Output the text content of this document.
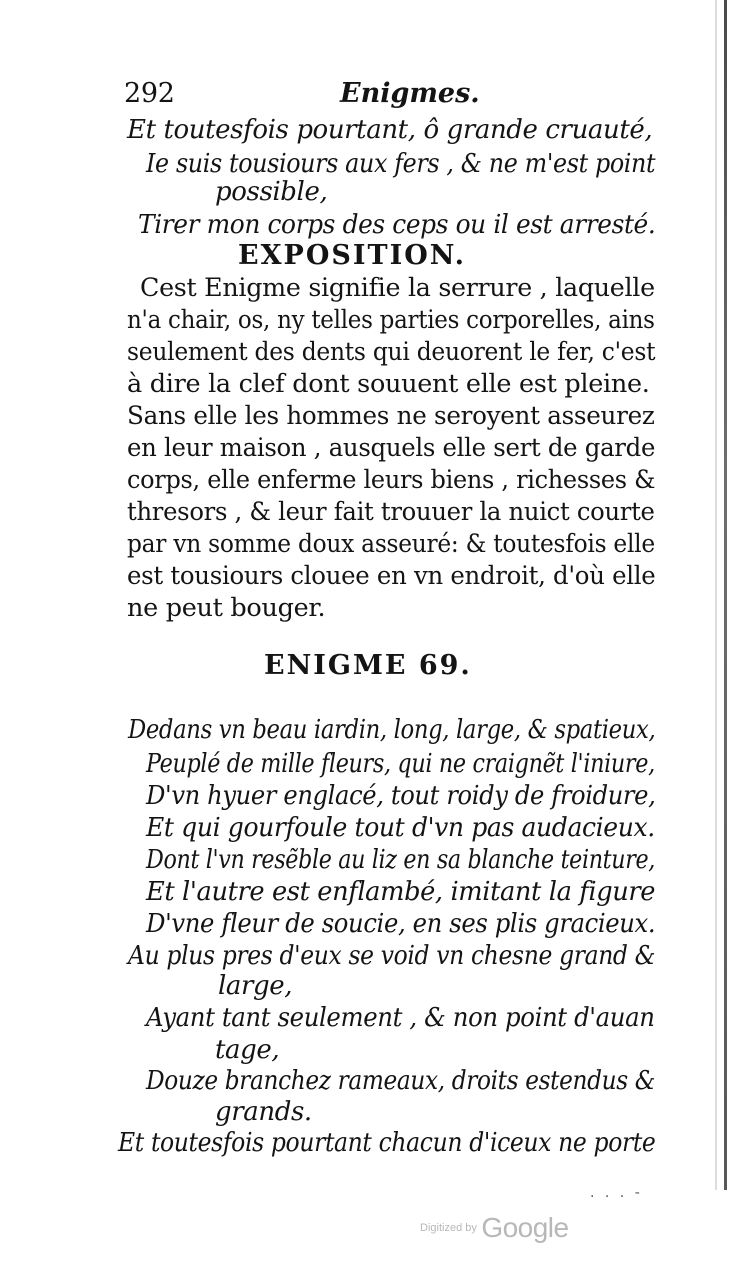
292	Enigmes.

Et toutesfois pourtant, ô grande cruauté,

Ie suis tousiours aux fers , & ne m'est point

possible,

Tirer mon corps des ceps ou il est arresté.

EXPOSITION.

Cest Enigme signifie la serrure , laquelle

n'a chair, os, ny telles parties corporelles, ains

seulement des dents qui deuorent le fer, c'est

à dire la clef dont souuent elle est pleine.

Sans elle les hommes ne seroyent asseurez

en leur maison , ausquels elle sert de garde

corps, elle enferme leurs biens , richesses &

thresors , & leur fait trouuer la nuict courte

par vn somme doux asseuré: & toutesfois elle

est tousiours clouee en vn endroit, d'où elle

ne peut bouger.

ENIGME 69.

Dedans vn beau iardin, long, large, & spatieux,

Peuplé de mille fleurs, qui ne craignẽt l'iniure,

D'vn hyuer englacé, tout roidy de froidure,

Et qui gourfoule tout d'vn pas audacieux.

Dont l'vn resẽble au liz en sa blanche teinture,

Et l'autre est enflambé, imitant la figure

D'vne fleur de soucie, en ses plis gracieux.

Au plus pres d'eux se void vn chesne grand &

large,

Ayant tant seulement , & non point d'auan

tage,

Douze branchez rameaux, droits estendus &

grands.

Et toutesfois pourtant chacun d'iceux ne porte

. . . -
Digitized by Google
